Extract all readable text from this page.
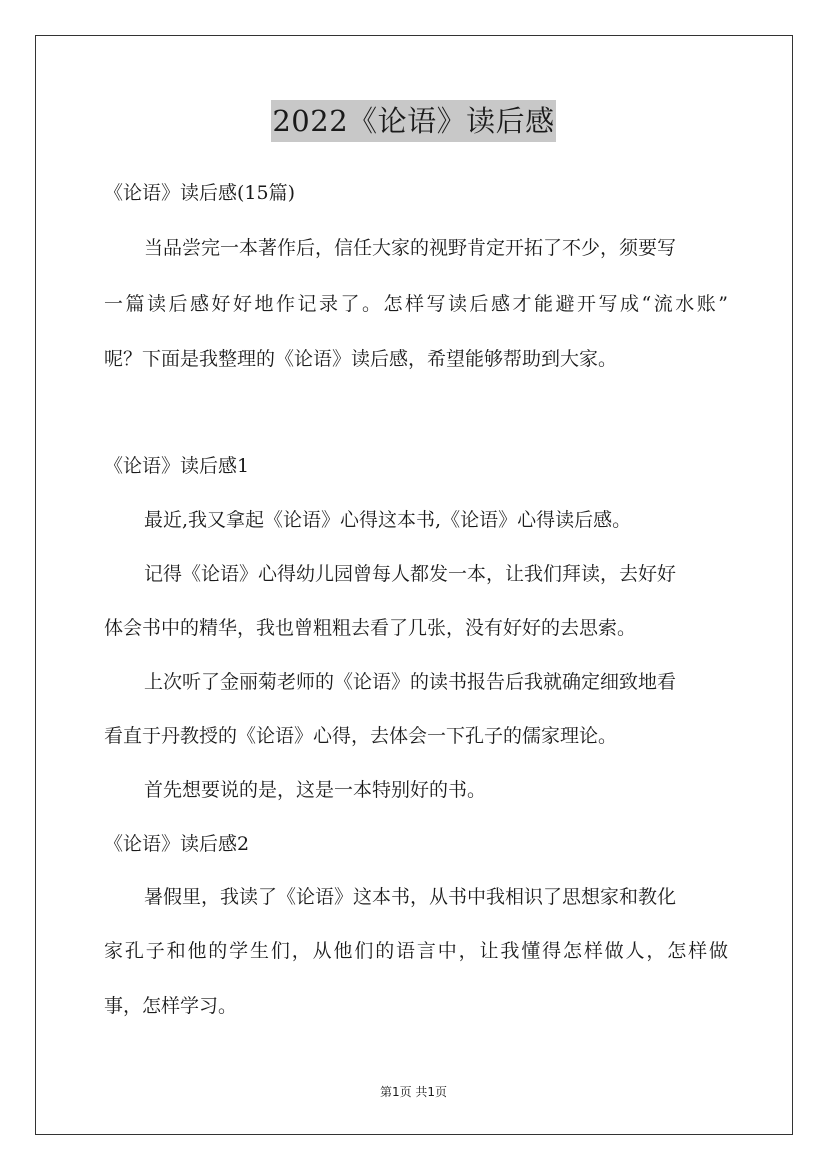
2022《论语》读后感
《论语》读后感(15篇)
当品尝完一本著作后，信任大家的视野肯定开拓了不少，须要写
一篇读后感好好地作记录了。怎样写读后感才能避开写成“流水账”
呢？下面是我整理的《论语》读后感，希望能够帮助到大家。
《论语》读后感1
最近,我又拿起《论语》心得这本书,《论语》心得读后感。
记得《论语》心得幼儿园曾每人都发一本，让我们拜读，去好好
体会书中的精华，我也曾粗粗去看了几张，没有好好的去思索。
上次听了金丽菊老师的《论语》的读书报告后我就确定细致地看
看直于丹教授的《论语》心得，去体会一下孔子的儒家理论。
首先想要说的是，这是一本特别好的书。
《论语》读后感2
暑假里，我读了《论语》这本书，从书中我相识了思想家和教化
家孔子和他的学生们，从他们的语言中，让我懂得怎样做人，怎样做
事，怎样学习。
第1页 共1页
